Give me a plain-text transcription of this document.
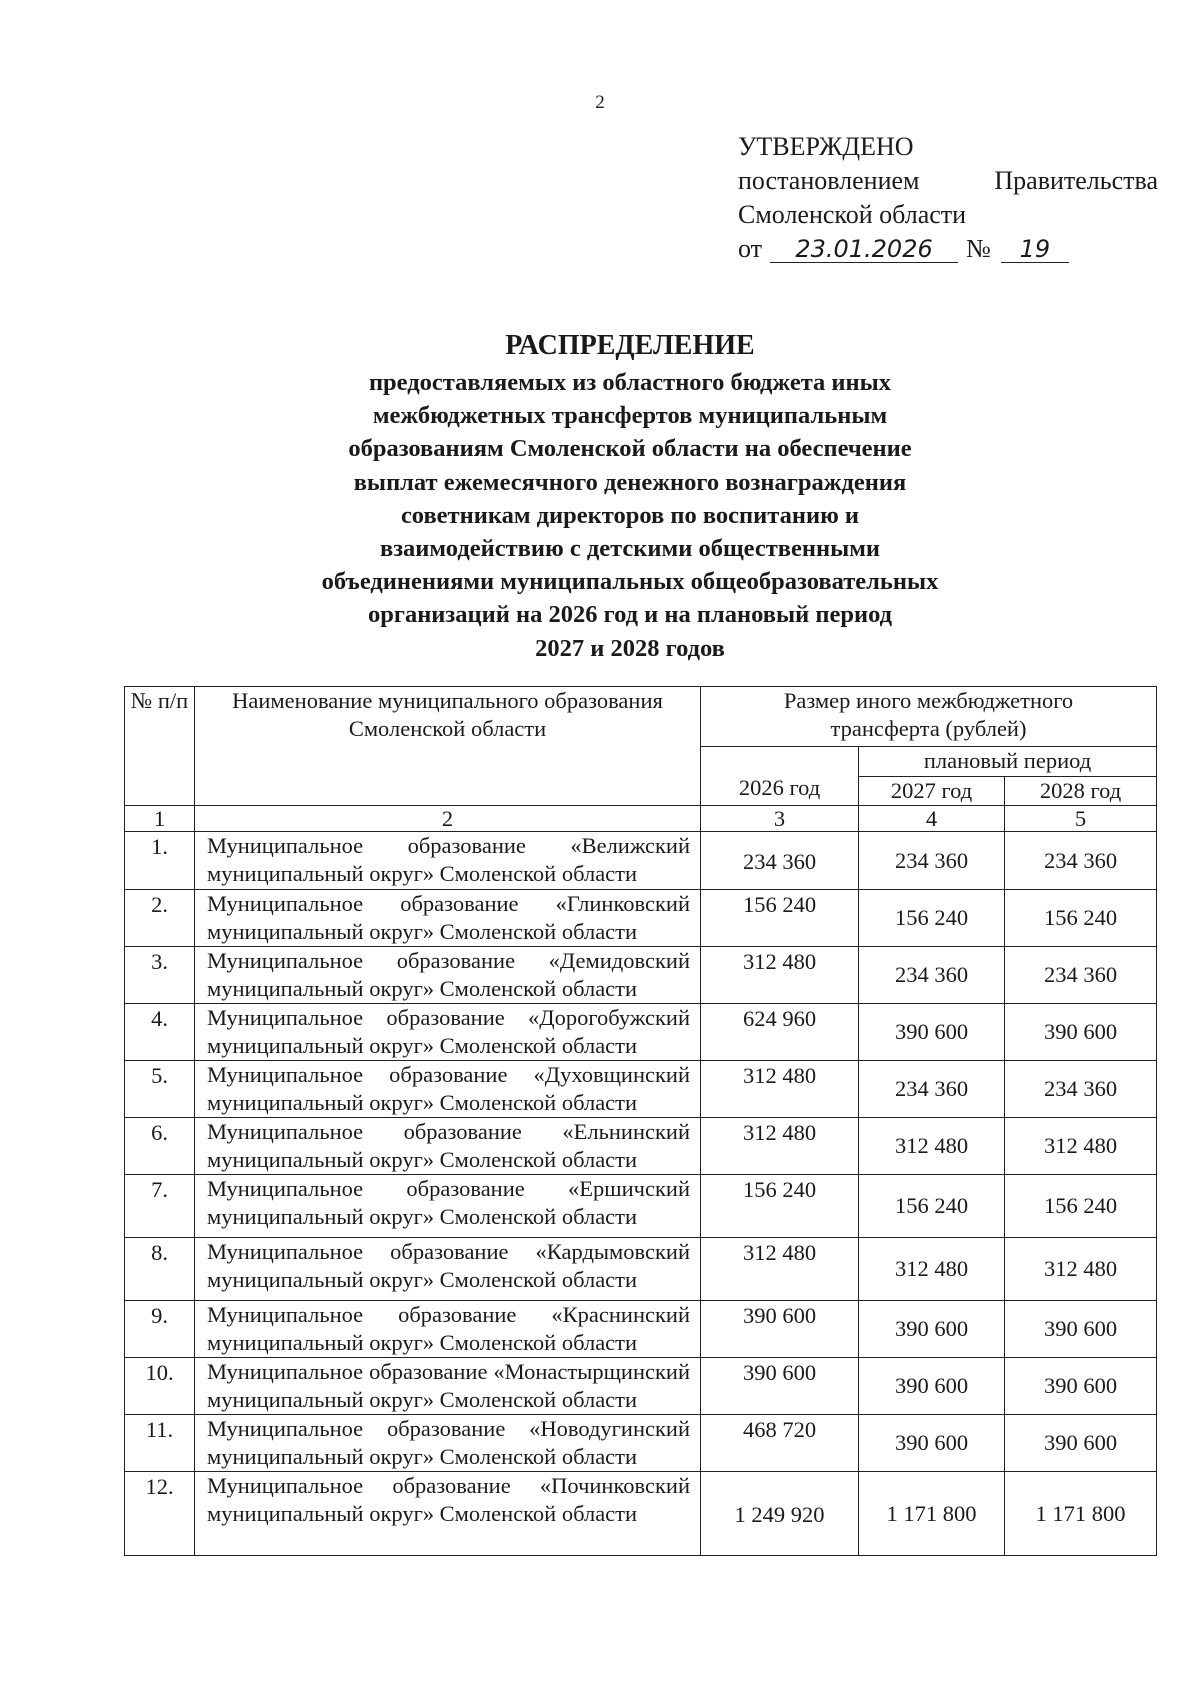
2
УТВЕРЖДЕНО
постановлением	Правительства
Смоленской области
от	23.01.2026	№	19
РАСПРЕДЕЛЕНИЕ
предоставляемых из областного бюджета иных
межбюджетных трансфертов муниципальным
образованиям Смоленской области на обеспечение
выплат ежемесячного денежного вознаграждения
советникам директоров по воспитанию и
взаимодействию с детскими общественными
объединениями муниципальных общеобразовательных
организаций на 2026 год и на плановый период
2027 и 2028 годов
№ п/п	Наименование муниципального образования Смоленской области	Размер иного межбюджетного трансферта (рублей)		
		2026 год	плановый период	
			2027 год	2028 год
1	2	3	4	5
1.	Муниципальное образование «Велижский муниципальный округ» Смоленской области	234 360	234 360	234 360
2.	Муниципальное образование «Глинковский муниципальный округ» Смоленской области	156 240	156 240	156 240
3.	Муниципальное образование «Демидовский муниципальный округ» Смоленской области	312 480	234 360	234 360
4.	Муниципальное образование «Дорогобужский муниципальный округ» Смоленской области	624 960	390 600	390 600
5.	Муниципальное образование «Духовщинский муниципальный округ» Смоленской области	312 480	234 360	234 360
6.	Муниципальное образование «Ельнинский муниципальный округ» Смоленской области	312 480	312 480	312 480
7.	Муниципальное образование «Ершичский муниципальный округ» Смоленской области	156 240	156 240	156 240
8.	Муниципальное образование «Кардымовский муниципальный округ» Смоленской области	312 480	312 480	312 480
9.	Муниципальное образование «Краснинский муниципальный округ» Смоленской области	390 600	390 600	390 600
10.	Муниципальное образование «Монастырщинский муниципальный округ» Смоленской области	390 600	390 600	390 600
11.	Муниципальное образование «Новодугинский муниципальный округ» Смоленской области	468 720	390 600	390 600
12.	Муниципальное образование «Починковский муниципальный округ» Смоленской области	1 249 920	1 171 800	1 171 800
